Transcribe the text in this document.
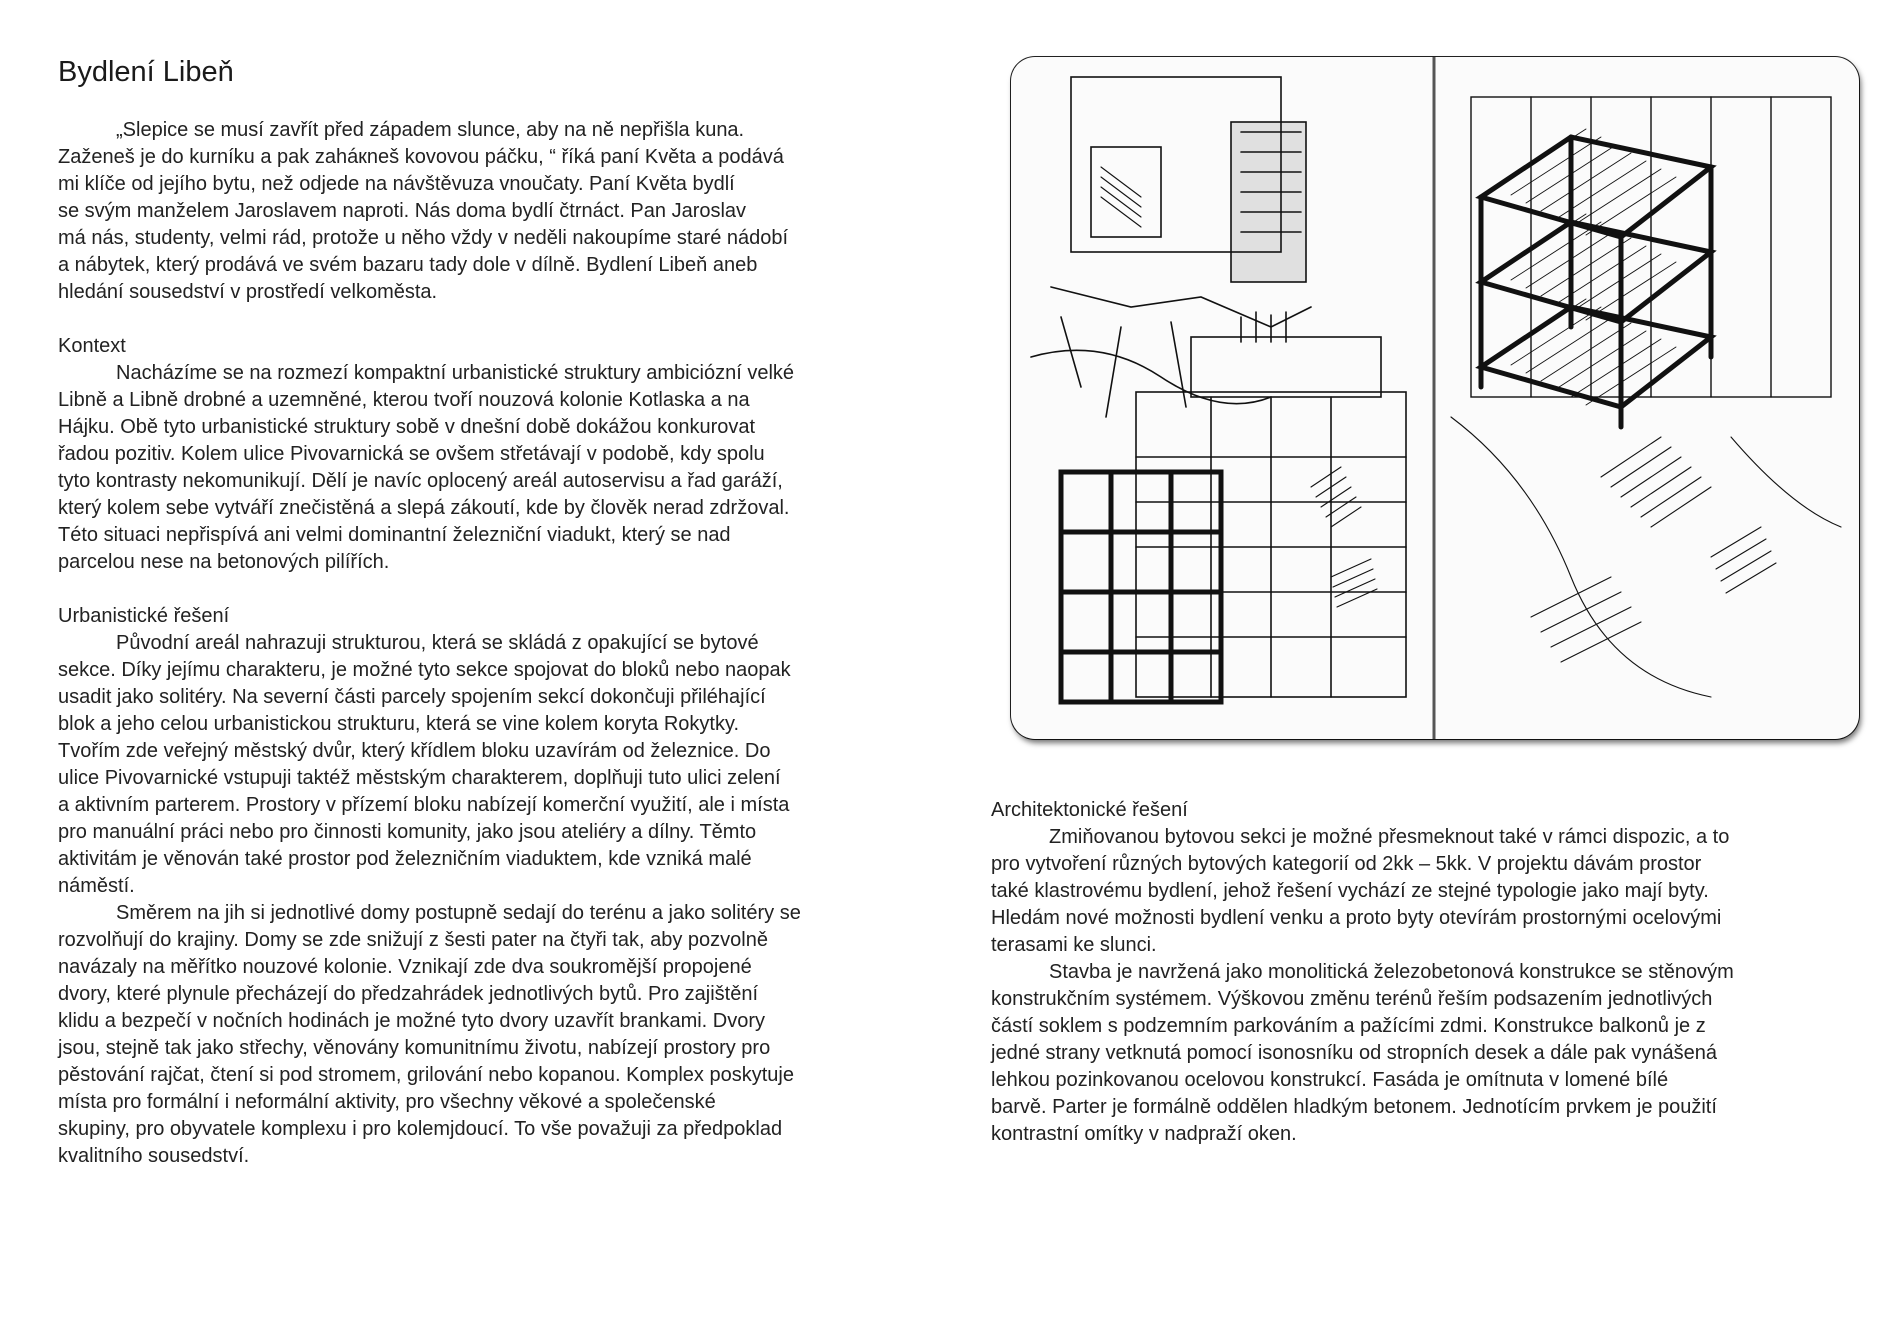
Bydlení Libeň

„Slepice se musí zavřít před západem slunce, aby na ně nepřišla kuna.
Zaženeš je do kurníku a pak zaháкneš kovovou páčku, “ říká paní Květa a podává
mi klíče od jejího bytu, než odjede na návštěvuza vnoučaty. Paní Květa bydlí
se svým manželem Jaroslavem naproti. Nás doma bydlí čtrnáct. Pan Jaroslav
má nás, studenty, velmi rád, protože u něho vždy v neděli nakoupíme staré nádobí
a nábytek, který prodává ve svém bazaru tady dole v dílně. Bydlení Libeň aneb
hledání sousedství v prostředí velkoměsta.

Kontext

Nacházíme se na rozmezí kompaktní urbanistické struktury ambiciózní velké
Libně a Libně drobné a uzemněné, kterou tvoří nouzová kolonie Kotlaska a na
Hájku. Obě tyto urbanistické struktury sobě v dnešní době dokážou konkurovat
řadou pozitiv. Kolem ulice Pivovarnická se ovšem střetávají v podobě, kdy spolu
tyto kontrasty nekomunikují. Dělí je navíc oplocený areál autoservisu a řad garáží,
který kolem sebe vytváří znečistěná a slepá zákoutí, kde by člověk nerad zdržoval.
Této situaci nepřispívá ani velmi dominantní železniční viadukt, který se nad
parcelou nese na betonových pilířích.

Urbanistické řešení

Původní areál nahrazuji strukturou, která se skládá z opakující se bytové
sekce. Díky jejímu charakteru, je možné tyto sekce spojovat do bloků nebo naopak
usadit jako solitéry. Na severní části parcely spojením sekcí dokončuji přiléhající
blok a jeho celou urbanistickou strukturu, která se vine kolem koryta Rokytky.
Tvořím zde veřejný městský dvůr, který křídlem bloku uzavírám od železnice. Do
ulice Pivovarnické vstupuji taktéž městským charakterem, doplňuji tuto ulici zelení
a aktivním parterem. Prostory v přízemí bloku nabízejí komerční využití, ale i místa
pro manuální práci nebo pro činnosti komunity, jako jsou ateliéry a dílny. Těmto
aktivitám je věnován také prostor pod železničním viaduktem, kde vzniká malé
náměstí.

Směrem na jih si jednotlivé domy postupně sedají do terénu a jako solitéry se
rozvolňují do krajiny. Domy se zde snižují z šesti pater na čtyři tak, aby pozvolně
navázaly na měřítko nouzové kolonie. Vznikají zde dva soukromější propojené
dvory, které plynule přecházejí do předzahrádek jednotlivých bytů. Pro zajištění
klidu a bezpečí v nočních hodinách je možné tyto dvory uzavřít brankami. Dvory
jsou, stejně tak jako střechy, věnovány komunitnímu životu, nabízejí prostory pro
pěstování rajčat, čtení si pod stromem, grilování nebo kopanou. Komplex poskytuje
místa pro formální i neformální aktivity, pro všechny věkové a společenské
skupiny, pro obyvatele komplexu i pro kolemjdoucí. To vše považuji za předpoklad
kvalitního sousedství.

Architektonické řešení

Zmiňovanou bytovou sekci je možné přesmeknout také v rámci dispozic, a to
pro vytvoření různých bytových kategorií od 2kk – 5kk. V projektu dávám prostor
také klastrovému bydlení, jehož řešení vychází ze stejné typologie jako mají byty.
Hledám nové možnosti bydlení venku a proto byty otevírám prostornými ocelovými
terasami ke slunci.

Stavba je navržená jako monolitická železobetonová konstrukce se stěnovým
konstrukčním systémem. Výškovou změnu terénů řeším podsazením jednotlivých
částí soklem s podzemním parkováním a pažícími zdmi. Konstrukce balkonů je z
jedné strany vetknutá pomocí isonosníku od stropních desek a dále pak vynášená
lehkou pozinkovanou ocelovou konstrukcí. Fasáda je omítnuta v lomené bílé
barvě. Parter je formálně oddělen hladkým betonem. Jednotícím prvkem je použití
kontrastní omítky v nadpraží oken.
